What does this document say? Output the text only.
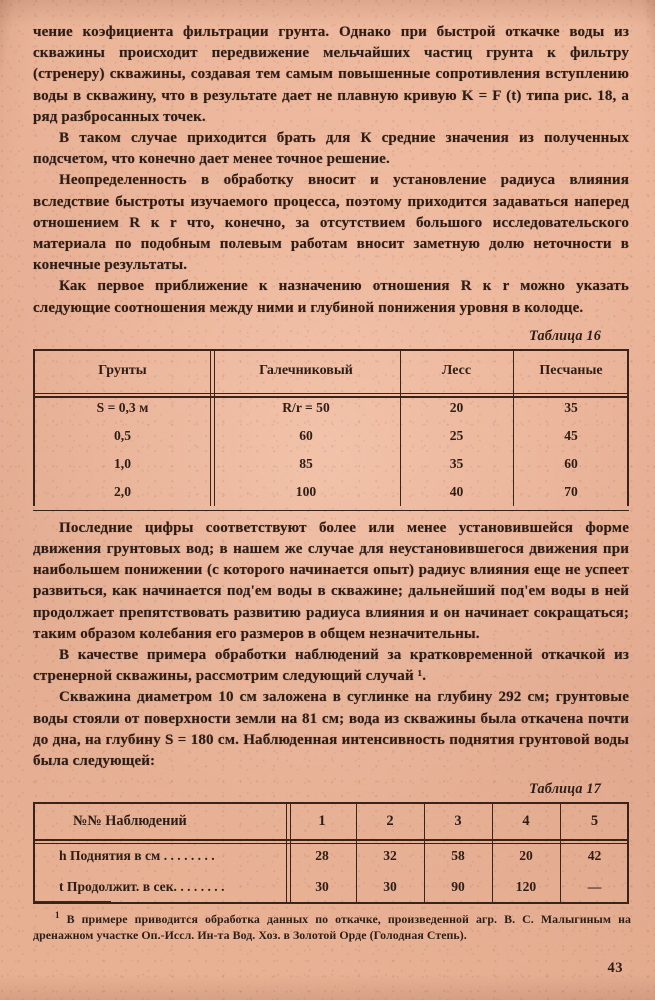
чение коэфициента фильтрации грунта. Однако при быстрой откачке воды из скважины происходит передвижение мельчайших частиц грунта к фильтру (стренеру) скважины, создавая тем самым повышенные сопротивления вступлению воды в скважину, что в результате дает не плавную кривую K = F (t) типа рис. 18, а ряд разбросанных точек.

В таком случае приходится брать для К средние значения из полученных подсчетом, что конечно дает менее точное решение.

Неопределенность в обработку вносит и установление радиуса влияния вследствие быстроты изучаемого процесса, поэтому приходится задаваться наперед отношением R к r что, конечно, за отсутствием большого исследовательского материала по подобным полевым работам вносит заметную долю неточности в конечные результаты.

Как первое приближение к назначению отношения R к r можно указать следующие соотношения между ними и глубиной понижения уровня в колодце.

Таблица 16
Грунты	Галечниковый	Лесс	Песчаные
S = 0,3 м	R/r = 50	20	35
0,5	60	25	45
1,0	85	35	60
2,0	100	40	70

Последние цифры соответствуют более или менее установившейся форме движения грунтовых вод; в нашем же случае для неустановившегося движения при наибольшем понижении (с которого начинается опыт) радиус влияния еще не успеет развиться, как начинается под'ем воды в скважине; дальнейший под'ем воды в ней продолжает препятствовать развитию радиуса влияния и он начинает сокращаться; таким образом колебания его размеров в общем незначительны.

В качестве примера обработки наблюдений за кратковременной откачкой из стренерной скважины, рассмотрим следующий случай ¹.

Скважина диаметром 10 см заложена в суглинке на глубину 292 см; грунтовые воды стояли от поверхности земли на 81 см; вода из скважины была откачена почти до дна, на глубину S = 180 см. Наблюденная интенсивность поднятия грунтовой воды была следующей:

Таблица 17
№№ Наблюдений	1	2	3	4	5
h Поднятия в см . . . . . . . .	28	32	58	20	42
t Продолжит. в сек. . . . . . . .	30	30	90	120	—
$^1$ В примере приводится обработка данных по откачке, произведенной агр. В. С. Малыгиным на дренажном участке Оп.-Иссл. Ин-та Вод. Хоз. в Золотой Орде (Голодная Степь).
43
